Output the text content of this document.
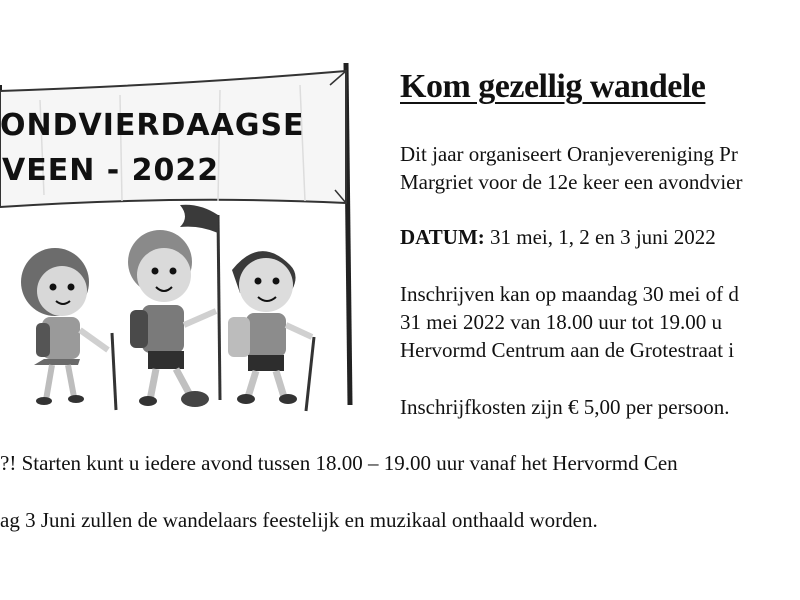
ONDVIERDAAGSE
VEEN - 2022
Kom gezellig wandele

Dit jaar organiseert Oranjevereniging Pr
Margriet voor de 12e keer een avondvier

DATUM: 31 mei, 1, 2 en 3 juni 2022

Inschrijven kan op maandag 30 mei of d
31 mei 2022 van 18.00 uur tot 19.00 u
Hervormd Centrum aan de Grotestraat i

Inschrijfkosten zijn € 5,00 per persoon.

?! Starten kunt u iedere avond tussen 18.00 – 19.00 uur vanaf het Hervormd Cen

ag 3 Juni zullen de wandelaars feestelijk en muzikaal onthaald worden.
